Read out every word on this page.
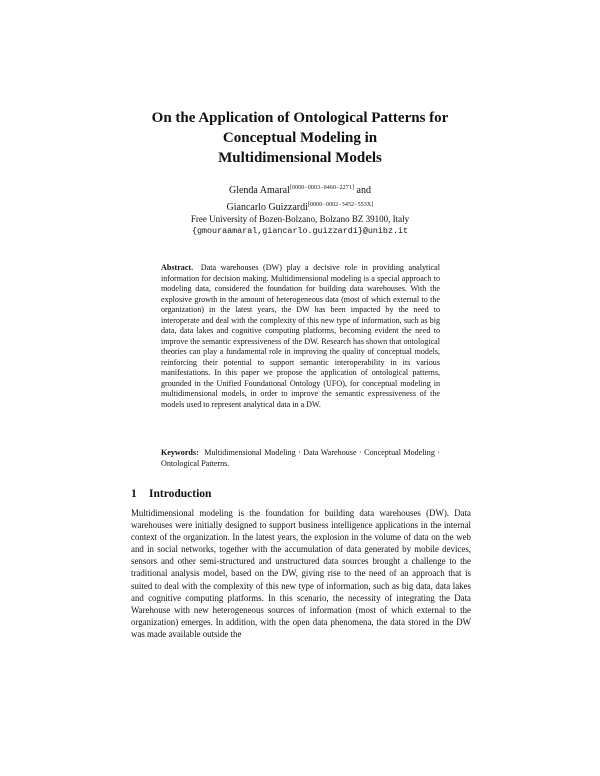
On the Application of Ontological Patterns for
Conceptual Modeling in
Multidimensional Models
Glenda Amaral[0000−0003−0460−2271] and
Giancarlo Guizzardi[0000−0002−3452−553X]
Free University of Bozen-Bolzano, Bolzano BZ 39100, Italy
{gmouraamaral,giancarlo.guizzardi}@unibz.it
Abstract. Data warehouses (DW) play a decisive role in providing analytical information for decision making. Multidimensional modeling is a special approach to modeling data, considered the foundation for building data warehouses. With the explosive growth in the amount of heterogeneous data (most of which external to the organization) in the latest years, the DW has been impacted by the need to interoperate and deal with the complexity of this new type of information, such as big data, data lakes and cognitive computing platforms, becoming evident the need to improve the semantic expressiveness of the DW. Research has shown that ontological theories can play a fundamental role in improving the quality of conceptual models, reinforcing their potential to support semantic interoperability in its various manifestations. In this paper we propose the application of ontological patterns, grounded in the Unified Foundational Ontology (UFO), for conceptual modeling in multidimensional models, in order to improve the semantic expressiveness of the models used to represent analytical data in a DW.
Keywords: Multidimensional Modeling · Data Warehouse · Conceptual Modeling · Ontological Patterns.
1 Introduction
Multidimensional modeling is the foundation for building data warehouses (DW). Data warehouses were initially designed to support business intelligence applications in the internal context of the organization. In the latest years, the explosion in the volume of data on the web and in social networks, together with the accumulation of data generated by mobile devices, sensors and other semi-structured and unstructured data sources brought a challenge to the traditional analysis model, based on the DW, giving rise to the need of an approach that is suited to deal with the complexity of this new type of information, such as big data, data lakes and cognitive computing platforms. In this scenario, the necessity of integrating the Data Warehouse with new heterogeneous sources of information (most of which external to the organization) emerges. In addition, with the open data phenomena, the data stored in the DW was made available outside the
